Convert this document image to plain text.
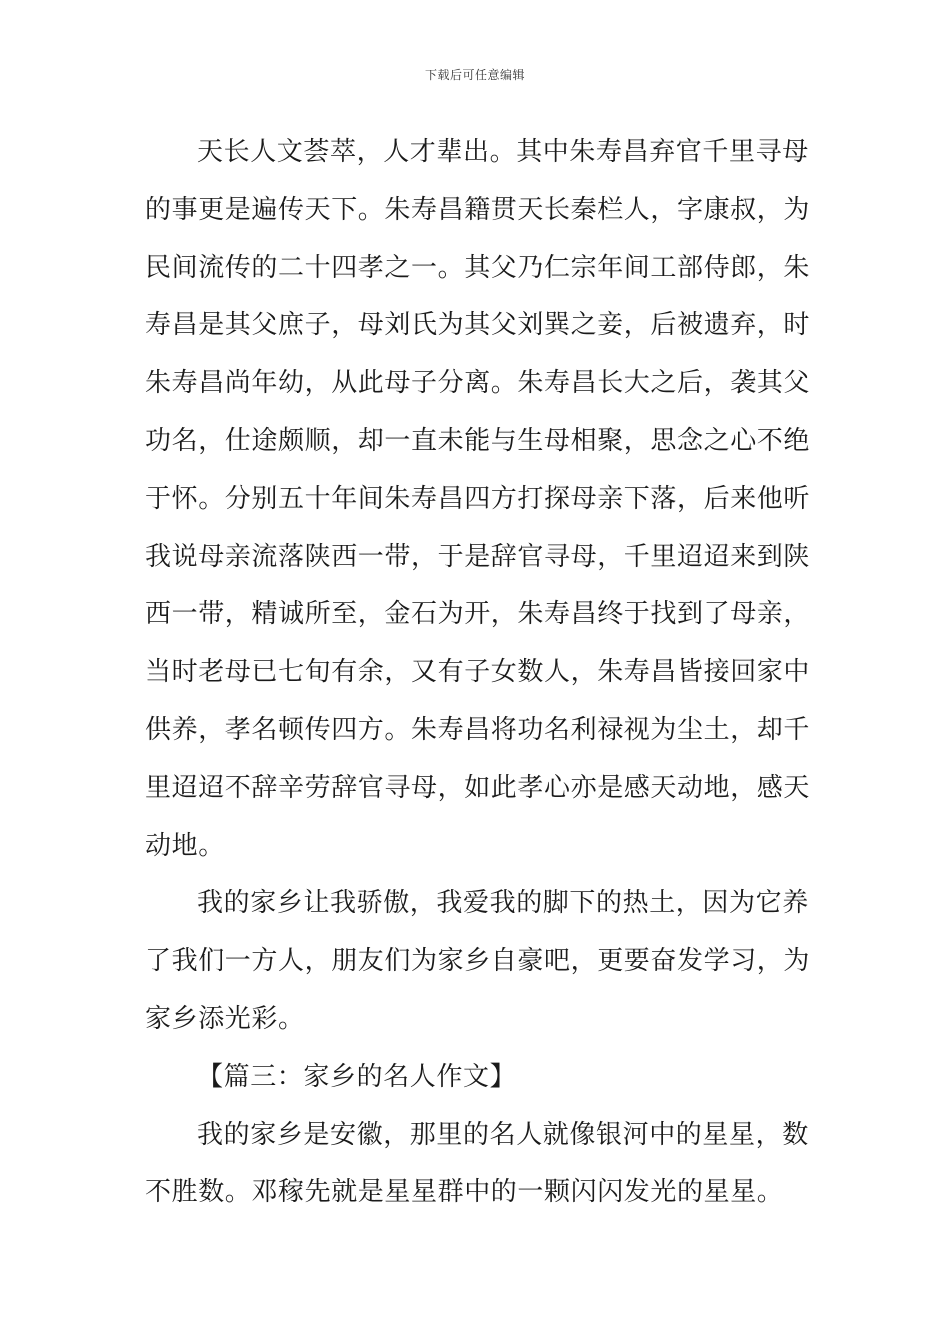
下载后可任意编辑
天长人文荟萃，人才辈出。其中朱寿昌弃官千里寻母
的事更是遍传天下。朱寿昌籍贯天长秦栏人，字康叔，为
民间流传的二十四孝之一。其父乃仁宗年间工部侍郎，朱
寿昌是其父庶子，母刘氏为其父刘巽之妾，后被遗弃，时
朱寿昌尚年幼，从此母子分离。朱寿昌长大之后，袭其父
功名，仕途颇顺，却一直未能与生母相聚，思念之心不绝
于怀。分别五十年间朱寿昌四方打探母亲下落，后来他听
我说母亲流落陕西一带，于是辞官寻母，千里迢迢来到陕
西一带，精诚所至，金石为开，朱寿昌终于找到了母亲，
当时老母已七旬有余，又有子女数人，朱寿昌皆接回家中
供养，孝名顿传四方。朱寿昌将功名利禄视为尘土，却千
里迢迢不辞辛劳辞官寻母，如此孝心亦是感天动地，感天
动地。
我的家乡让我骄傲，我爱我的脚下的热土，因为它养
了我们一方人，朋友们为家乡自豪吧，更要奋发学习，为
家乡添光彩。
【篇三：家乡的名人作文】
我的家乡是安徽，那里的名人就像银河中的星星，数
不胜数。邓稼先就是星星群中的一颗闪闪发光的星星。
